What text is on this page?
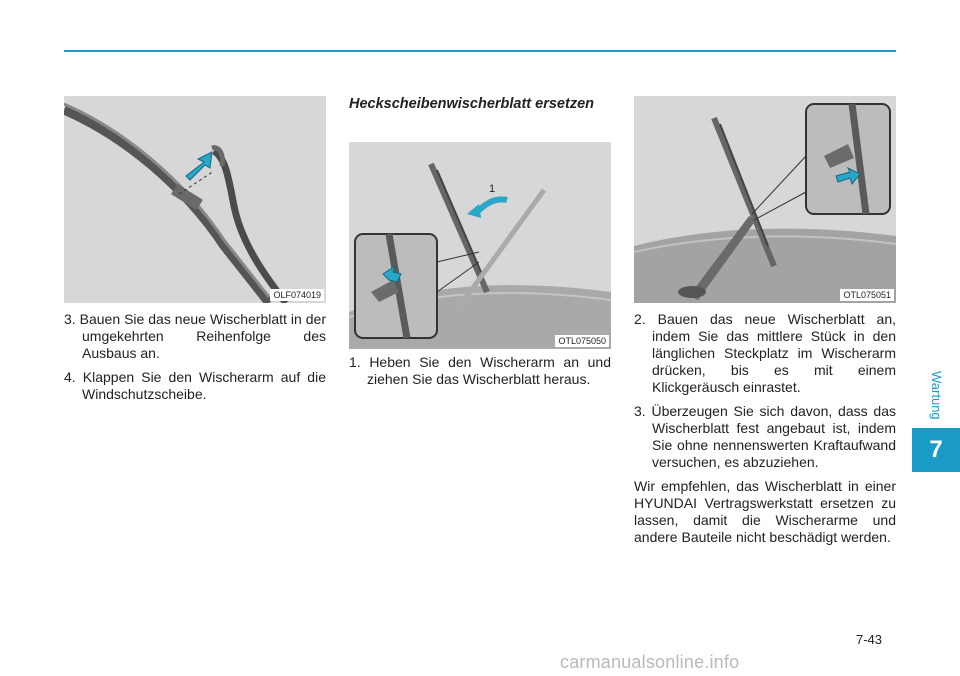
Wartung
7
OLF074019

3. Bauen Sie das neue Wischerblatt in der umgekehrten Reihenfolge des Ausbaus an.

4. Klappen Sie den Wischerarm auf die Windschutzscheibe.

Heckscheibenwischerblatt ersetzen
1
OTL075050

1. Heben Sie den Wischerarm an und ziehen Sie das Wischerblatt heraus.

OTL075051

2. Bauen das neue Wischerblatt an, indem Sie das mittlere Stück in den länglichen Steckplatz im Wischerarm drücken, bis es mit einem Klickgeräusch einrastet.

3. Überzeugen Sie sich davon, dass das Wischerblatt fest angebaut ist, indem Sie ohne nennenswerten Kraftaufwand versuchen, es abzuziehen.

Wir empfehlen, das Wischerblatt in einer HYUNDAI Vertragswerkstatt ersetzen zu lassen, damit die Wischerarme und andere Bauteile nicht beschädigt werden.

7-43
carmanualsonline.info
